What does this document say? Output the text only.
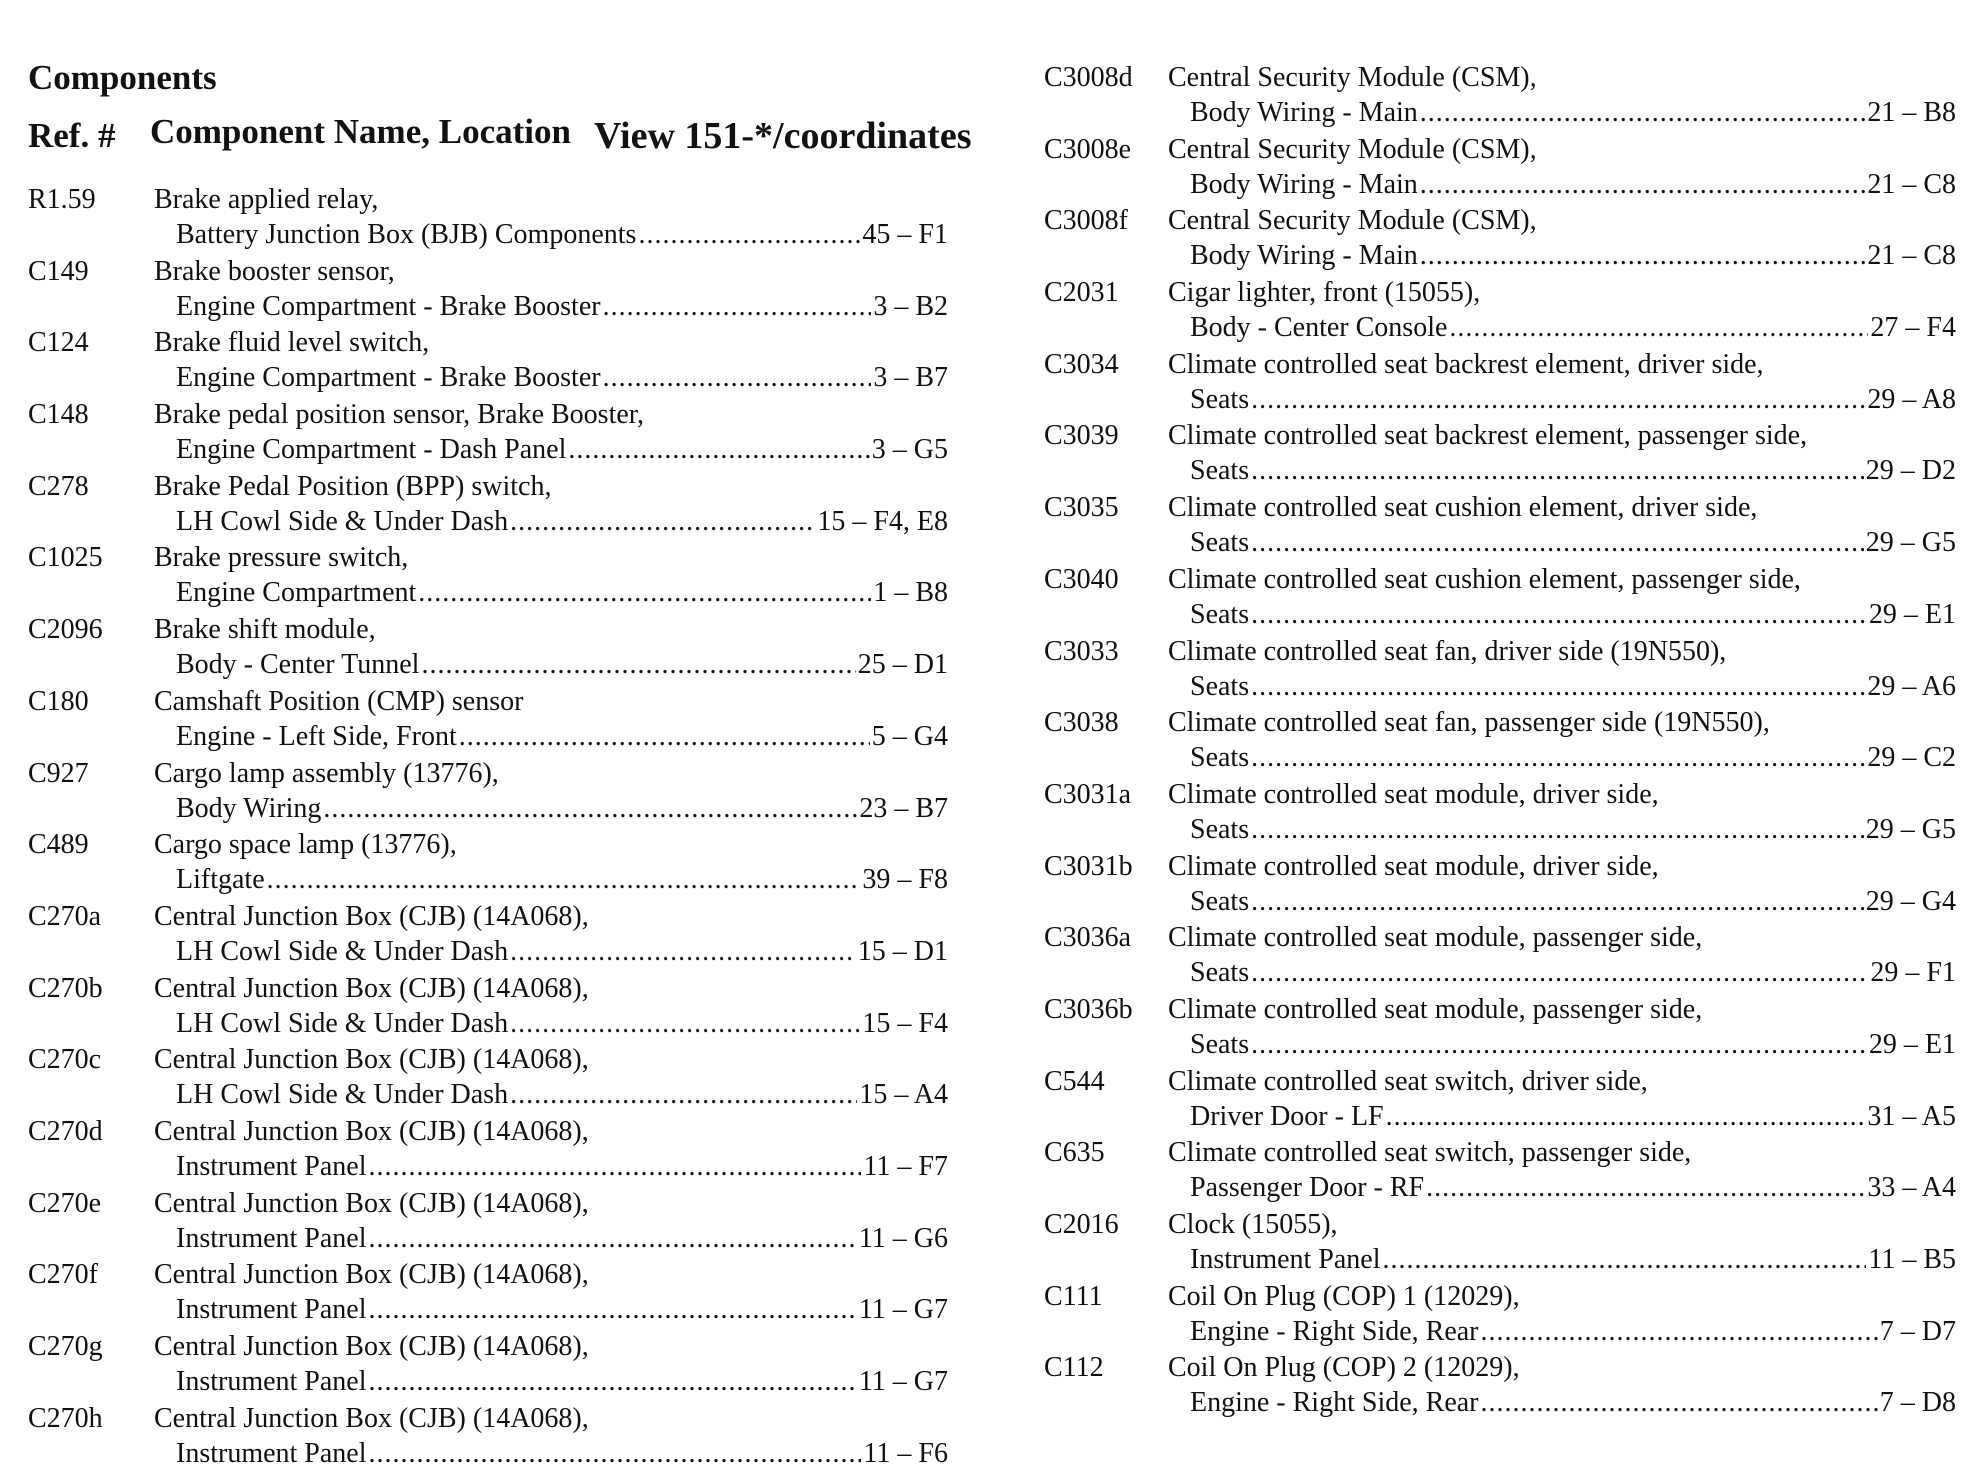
Components
Ref. # Component Name, Location View 151-*/coordinates
R1.59 Brake applied relay,
Battery Junction Box (BJB) Components .....	45 – F1
C149 Brake booster sensor,
Engine Compartment - Brake Booster .....	3 – B2
C124 Brake fluid level switch,
Engine Compartment - Brake Booster .....	3 – B7
C148 Brake pedal position sensor, Brake Booster,
Engine Compartment - Dash Panel .....	3 – G5
C278 Brake Pedal Position (BPP) switch,
LH Cowl Side & Under Dash .....	15 – F4, E8
C1025 Brake pressure switch,
Engine Compartment .....	1 – B8
C2096 Brake shift module,
Body - Center Tunnel .....	25 – D1
C180 Camshaft Position (CMP) sensor
Engine - Left Side, Front .....	5 – G4
C927 Cargo lamp assembly (13776),
Body Wiring .....	23 – B7
C489 Cargo space lamp (13776),
Liftgate .....	39 – F8
C270a Central Junction Box (CJB) (14A068),
LH Cowl Side & Under Dash .....	15 – D1
C270b Central Junction Box (CJB) (14A068),
LH Cowl Side & Under Dash .....	15 – F4
C270c Central Junction Box (CJB) (14A068),
LH Cowl Side & Under Dash .....	15 – A4
C270d Central Junction Box (CJB) (14A068),
Instrument Panel .....	11 – F7
C270e Central Junction Box (CJB) (14A068),
Instrument Panel .....	11 – G6
C270f Central Junction Box (CJB) (14A068),
Instrument Panel .....	11 – G7
C270g Central Junction Box (CJB) (14A068),
Instrument Panel .....	11 – G7
C270h Central Junction Box (CJB) (14A068),
Instrument Panel .....	11 – F6
C3008d Central Security Module (CSM),
Body Wiring - Main .....	21 – B8
C3008e Central Security Module (CSM),
Body Wiring - Main .....	21 – C8
C3008f Central Security Module (CSM),
Body Wiring - Main .....	21 – C8
C2031 Cigar lighter, front (15055),
Body - Center Console .....	27 – F4
C3034 Climate controlled seat backrest element, driver side,
Seats .....	29 – A8
C3039 Climate controlled seat backrest element, passenger side,
Seats .....	29 – D2
C3035 Climate controlled seat cushion element, driver side,
Seats .....	29 – G5
C3040 Climate controlled seat cushion element, passenger side,
Seats .....	29 – E1
C3033 Climate controlled seat fan, driver side (19N550),
Seats .....	29 – A6
C3038 Climate controlled seat fan, passenger side (19N550),
Seats .....	29 – C2
C3031a Climate controlled seat module, driver side,
Seats .....	29 – G5
C3031b Climate controlled seat module, driver side,
Seats .....	29 – G4
C3036a Climate controlled seat module, passenger side,
Seats .....	29 – F1
C3036b Climate controlled seat module, passenger side,
Seats .....	29 – E1
C544 Climate controlled seat switch, driver side,
Driver Door - LF .....	31 – A5
C635 Climate controlled seat switch, passenger side,
Passenger Door - RF .....	33 – A4
C2016 Clock (15055),
Instrument Panel .....	11 – B5
C111 Coil On Plug (COP) 1 (12029),
Engine - Right Side, Rear .....	7 – D7
C112 Coil On Plug (COP) 2 (12029),
Engine - Right Side, Rear .....	7 – D8
